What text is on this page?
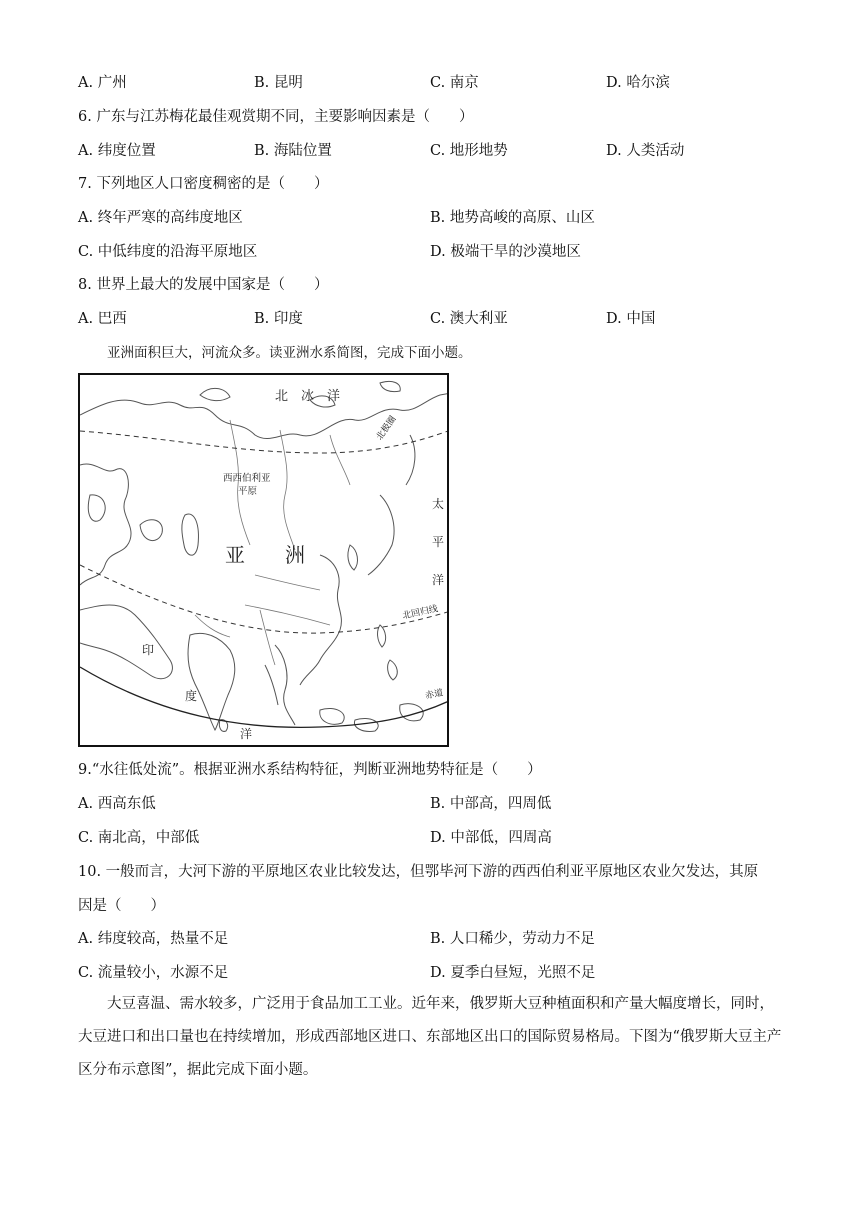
A. 广州	B. 昆明	C. 南京	D. 哈尔滨
6. 广东与江苏梅花最佳观赏期不同，主要影响因素是（　　）
A. 纬度位置	B. 海陆位置	C. 地形地势	D. 人类活动
7. 下列地区人口密度稠密的是（　　）
A. 终年严寒的高纬度地区	B. 地势高峻的高原、山区
C. 中低纬度的沿海平原地区	D. 极端干旱的沙漠地区
8. 世界上最大的发展中国家是（　　）
A. 巴西	B. 印度	C. 澳大利亚	D. 中国
亚洲面积巨大，河流众多。读亚洲水系简图，完成下面小题。
北　冰　洋
北极圈
西西伯利亚
平原
亚　　洲
太
平
洋
北回归线
印
度
洋
赤道
9.“水往低处流”。根据亚洲水系结构特征，判断亚洲地势特征是（　　）
A. 西高东低	B. 中部高，四周低
C. 南北高，中部低	D. 中部低，四周高
10. 一般而言，大河下游的平原地区农业比较发达，但鄂毕河下游的西西伯利亚平原地区农业欠发达，其原
因是（　　）
A. 纬度较高，热量不足	B. 人口稀少，劳动力不足
C. 流量较小，水源不足	D. 夏季白昼短，光照不足
大豆喜温、需水较多，广泛用于食品加工工业。近年来，俄罗斯大豆种植面积和产量大幅度增长，同时，大豆进口和出口量也在持续增加，形成西部地区进口、东部地区出口的国际贸易格局。下图为“俄罗斯大豆主产区分布示意图”，据此完成下面小题。
